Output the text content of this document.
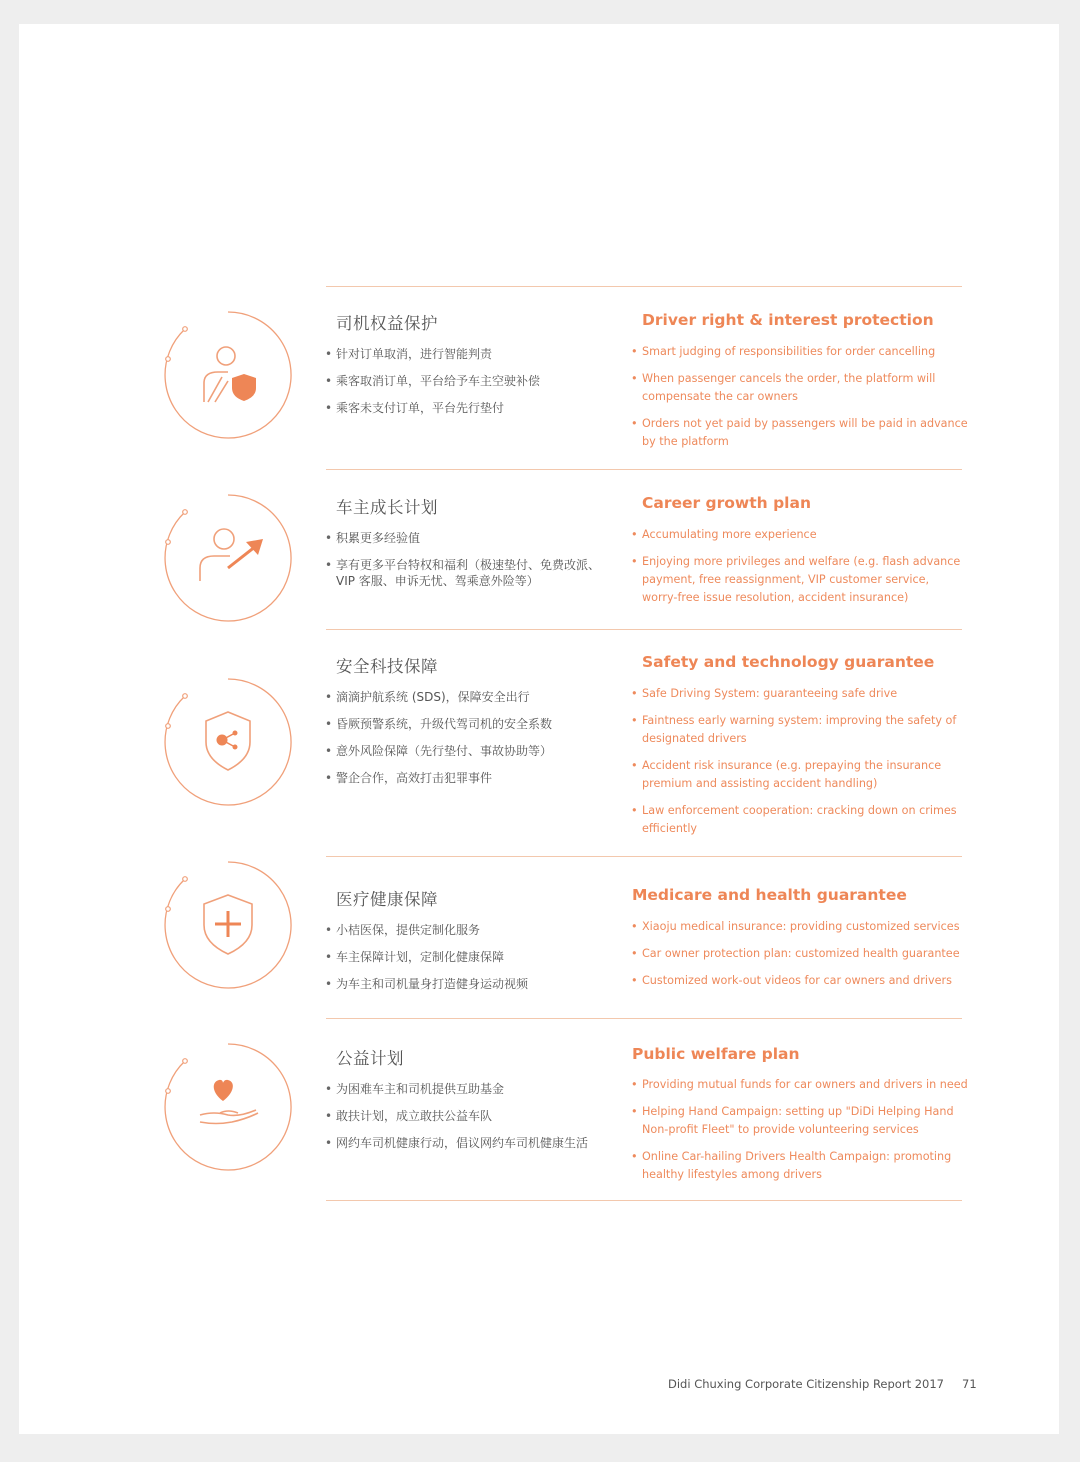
司机权益保护
• 针对订单取消，进行智能判责
• 乘客取消订单，平台给予车主空驶补偿
• 乘客未支付订单，平台先行垫付
Driver right & interest protection
• Smart judging of responsibilities for order cancelling
• When passenger cancels the order, the platform will compensate the car owners
• Orders not yet paid by passengers will be paid in advance by the platform
车主成长计划
• 积累更多经验值
• 享有更多平台特权和福利（极速垫付、免费改派、VIP 客服、申诉无忧、驾乘意外险等）
Career growth plan
• Accumulating more experience
• Enjoying more privileges and welfare (e.g. flash advance payment, free reassignment, VIP customer service, worry-free issue resolution, accident insurance)
安全科技保障
• 滴滴护航系统 (SDS)，保障安全出行
• 昏厥预警系统，升级代驾司机的安全系数
• 意外风险保障（先行垫付、事故协助等）
• 警企合作，高效打击犯罪事件
Safety and technology guarantee
• Safe Driving System: guaranteeing safe drive
• Faintness early warning system: improving the safety of designated drivers
• Accident risk insurance (e.g. prepaying the insurance premium and assisting accident handling)
• Law enforcement cooperation: cracking down on crimes efficiently
医疗健康保障
• 小桔医保，提供定制化服务
• 车主保障计划，定制化健康保障
• 为车主和司机量身打造健身运动视频
Medicare and health guarantee
• Xiaoju medical insurance: providing customized services
• Car owner protection plan: customized health guarantee
• Customized work-out videos for car owners and drivers
公益计划
• 为困难车主和司机提供互助基金
• 敢扶计划，成立敢扶公益车队
• 网约车司机健康行动，倡议网约车司机健康生活
Public welfare plan
• Providing mutual funds for car owners and drivers in need
• Helping Hand Campaign: setting up "DiDi Helping Hand Non-profit Fleet" to provide volunteering services
• Online Car-hailing Drivers Health Campaign: promoting healthy lifestyles among drivers
Didi Chuxing Corporate Citizenship Report 2017 71
